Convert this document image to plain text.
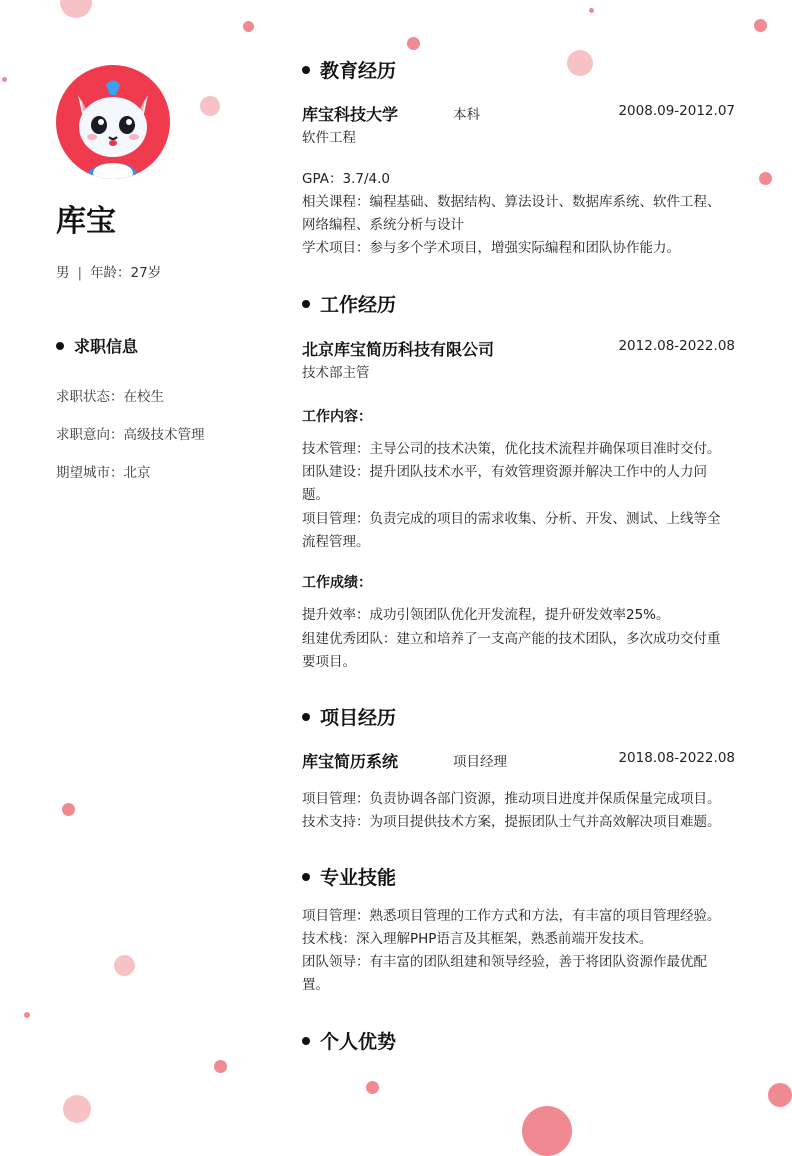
库宝
男 | 年龄：27岁
求职信息
求职状态：在校生
求职意向：高级技术管理
期望城市：北京
教育经历
库宝科技大学	本科	2008.09-2012.07
软件工程
GPA：3.7/4.0
相关课程：编程基础、数据结构、算法设计、数据库系统、软件工程、
网络编程、系统分析与设计
学术项目：参与多个学术项目，增强实际编程和团队协作能力。
工作经历
北京库宝简历科技有限公司	2012.08-2022.08
技术部主管
工作内容：
技术管理：主导公司的技术决策，优化技术流程并确保项目准时交付。
团队建设：提升团队技术水平，有效管理资源并解决工作中的人力问
题。
项目管理：负责完成的项目的需求收集、分析、开发、测试、上线等全
流程管理。
工作成绩：
提升效率：成功引领团队优化开发流程，提升研发效率25%。
组建优秀团队：建立和培养了一支高产能的技术团队，多次成功交付重
要项目。
项目经历
库宝简历系统	项目经理	2018.08-2022.08
项目管理：负责协调各部门资源，推动项目进度并保质保量完成项目。
技术支持：为项目提供技术方案，提振团队士气并高效解决项目难题。
专业技能
项目管理：熟悉项目管理的工作方式和方法，有丰富的项目管理经验。
技术栈：深入理解PHP语言及其框架，熟悉前端开发技术。
团队领导：有丰富的团队组建和领导经验，善于将团队资源作最优配
置。
个人优势
